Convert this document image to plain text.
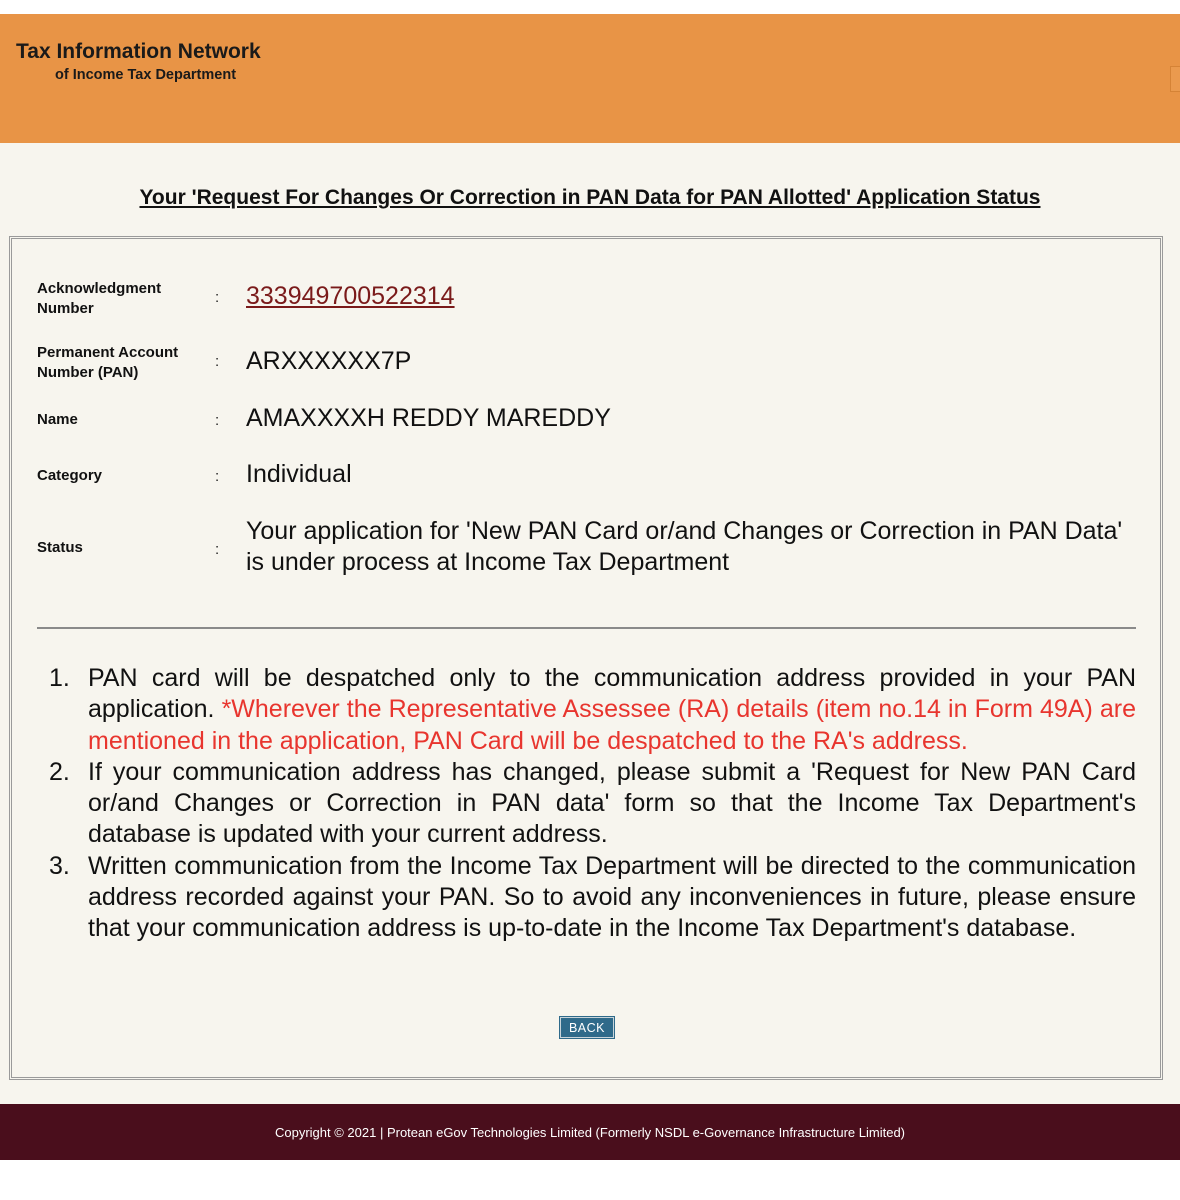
Tax Information Network
of Income Tax Department
Your 'Request For Changes Or Correction in PAN Data for PAN Allotted' Application Status
Acknowledgment Number
: 333949700522314
Permanent Account Number (PAN)
: ARXXXXXX7P
Name	: AMAXXXXH REDDY MAREDDY
Category	: Individual
Status	:
Your application for 'New PAN Card or/and Changes or Correction in PAN Data' is under process at Income Tax Department
1. PAN card will be despatched only to the communication address provided in your PAN application. *Wherever the Representative Assessee (RA) details (item no.14 in Form 49A) are mentioned in the application, PAN Card will be despatched to the RA's address.
2. If your communication address has changed, please submit a 'Request for New PAN Card or/and Changes or Correction in PAN data' form so that the Income Tax Department's database is updated with your current address.
3. Written communication from the Income Tax Department will be directed to the communication address recorded against your PAN. So to avoid any inconveniences in future, please ensure that your communication address is up-to-date in the Income Tax Department's database.
BACK
Copyright © 2021 | Protean eGov Technologies Limited (Formerly NSDL e-Governance Infrastructure Limited)
